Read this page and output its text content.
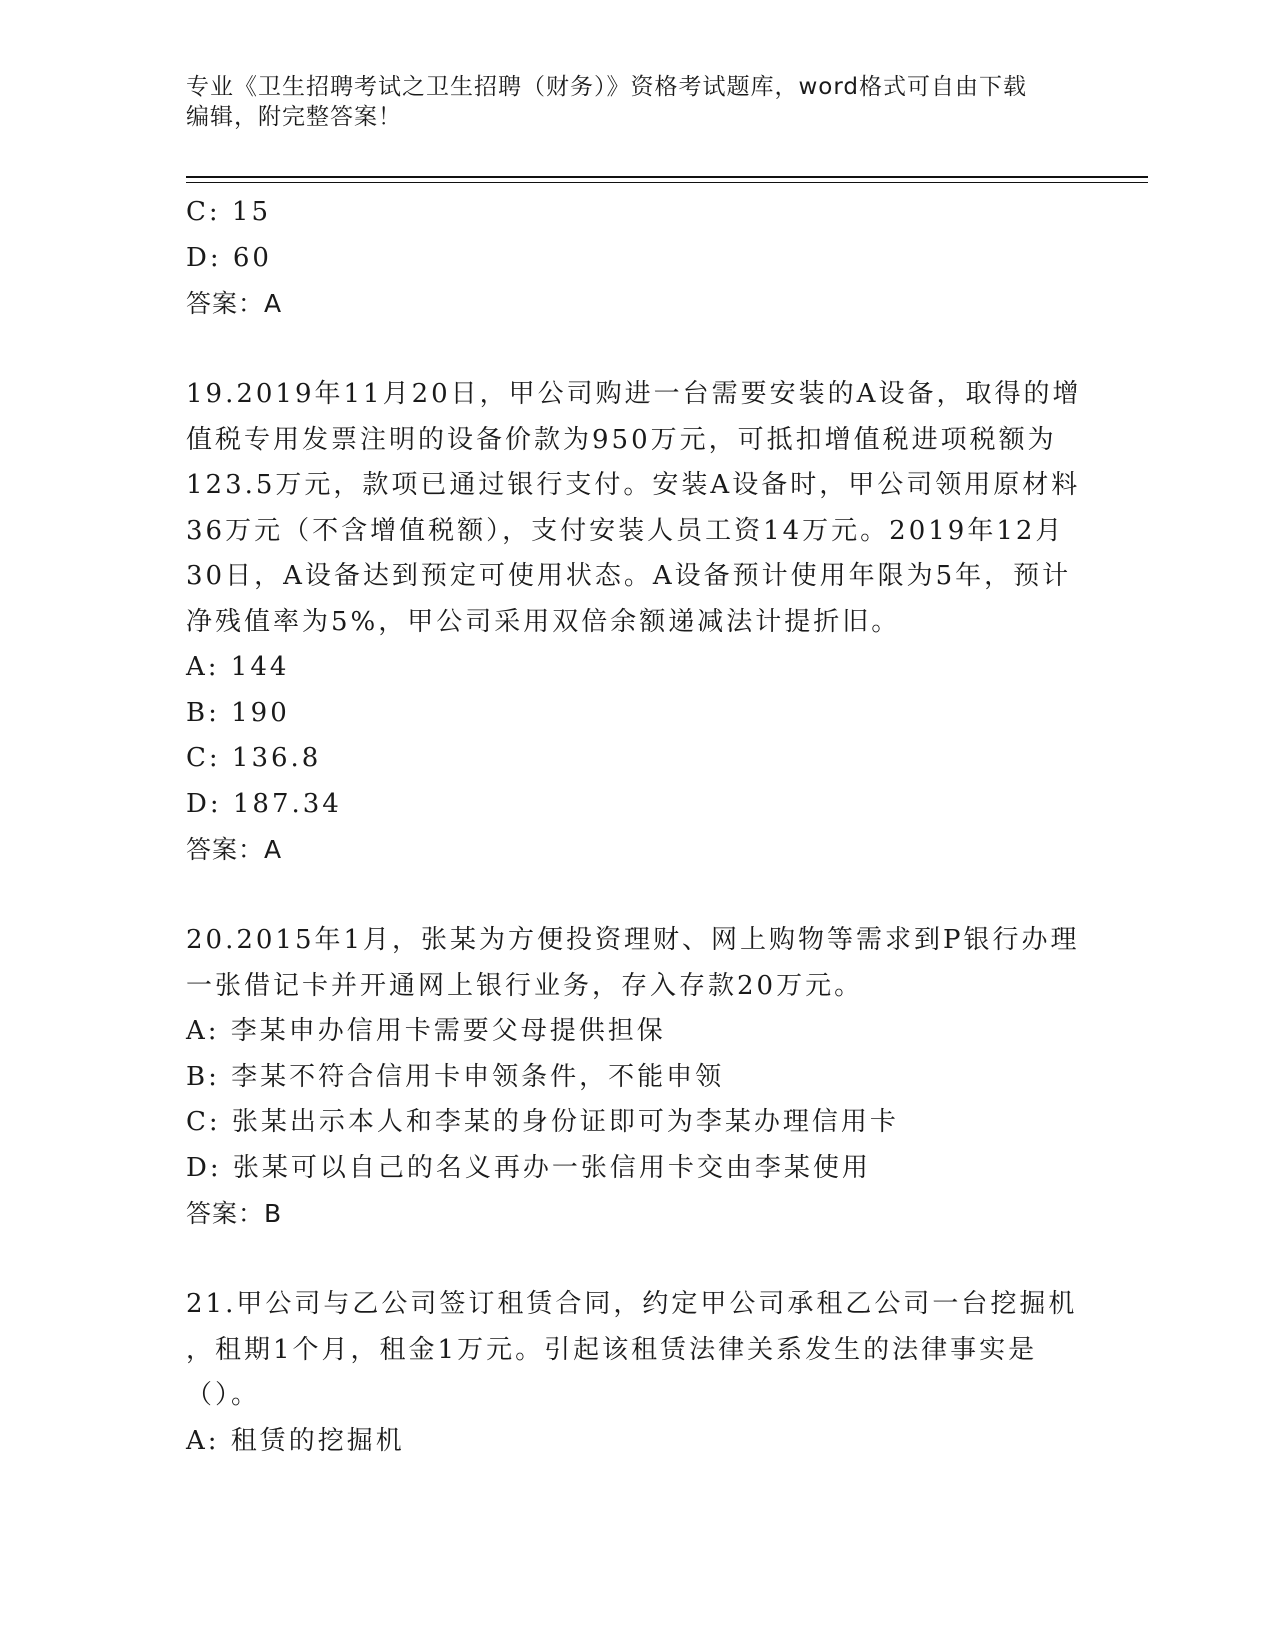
专业《卫生招聘考试之卫生招聘（财务）》资格考试题库，word格式可自由下载
编辑，附完整答案！
C: 15
D: 60
答案：A
19.2019年11月20日，甲公司购进一台需要安装的A设备，取得的增
值税专用发票注明的设备价款为950万元，可抵扣增值税进项税额为
123.5万元，款项已通过银行支付。安装A设备时，甲公司领用原材料
36万元（不含增值税额），支付安装人员工资14万元。2019年12月
30日，A设备达到预定可使用状态。A设备预计使用年限为5年，预计
净残值率为5%，甲公司采用双倍余额递减法计提折旧。
A: 144
B: 190
C: 136.8
D: 187.34
答案：A
20.2015年1月，张某为方便投资理财、网上购物等需求到P银行办理
一张借记卡并开通网上银行业务，存入存款20万元。
A: 李某申办信用卡需要父母提供担保
B: 李某不符合信用卡申领条件，不能申领
C: 张某出示本人和李某的身份证即可为李某办理信用卡
D: 张某可以自己的名义再办一张信用卡交由李某使用
答案：B
21.甲公司与乙公司签订租赁合同，约定甲公司承租乙公司一台挖掘机
，租期1个月，租金1万元。引起该租赁法律关系发生的法律事实是
（）。
A: 租赁的挖掘机
